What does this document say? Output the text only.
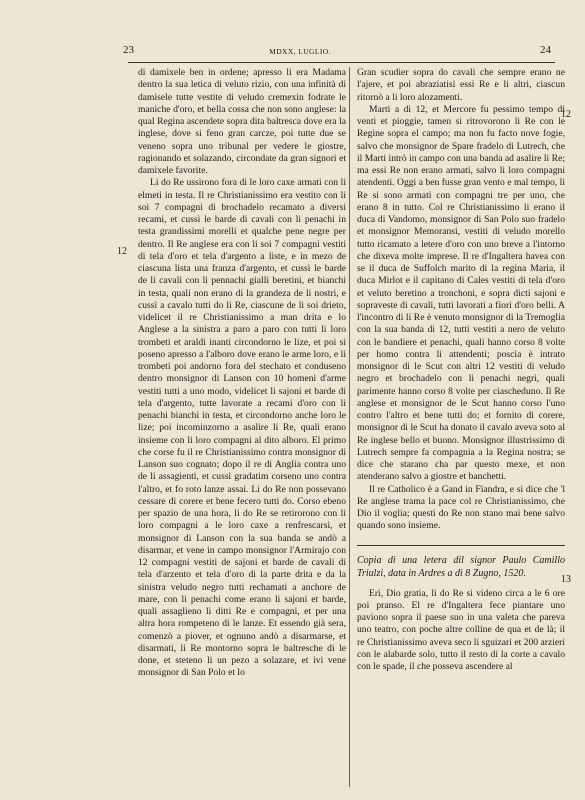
23	MDXX, LUGLIO.	24
12
12
13

di damixele ben in ordene; apresso li era Madama dentro la sua letica di veluto rizio, con una infinità di damisele tutte vestite di veludo cremexin fodrate le maniche d'oro, et bella cossa che non sono anglese: la qual Regina ascendete sopra dita baltresca dove era la inglese, dove si feno gran carcze, poi tutte due se veneno sopra uno tribunal per vedere le giostre, ragionando et solazando, circondate da gran signori et damixele favorite.

Li do Re ussirono fora di le loro caxe armati con li elmeti in testa. Il re Christianissimo era vestito con li soi 7 compagni di brochadelo recamato a diversi recami, et cussì le barde di cavali con li penachi in testa grandissimi morelli et qualche pene negre per dentro. Il Re anglese era con li soi 7 compagni vestiti di tela d'oro et tela d'argento a liste, e in mezo de ciascuna lista una franza d'argento, et cussì le barde de li cavali con li pennachi gialli beretini, et bianchi in testa, quali non erano di la grandeza de li nostri, e cussì a cavalo tutti do li Re, ciascune de li soi drieto, videlicet il re Christianissimo a man drita e lo Anglese a la sinistra a paro a paro con tutti li loro trombeti et araldi inanti circondorno le lize, et poi si poseno apresso a l'alboro dove erano le arme loro, e li trombeti poi andorno fora del stechato et conduseno dentro monsignor di Lanson con 10 homeni d'arme vestiti tutti a uno modo, videlicet li sajoni et barde di tela d'argento, tutte lavorate a recami d'oro con li penachi bianchi in testa, et circondorno anche loro le lize; poi incominzorno a asalire li Re, quali erano insieme con li loro compagni al dito alboro. El primo che corse fu il re Christianissimo contra monsignor di Lanson suo cognato; dopo il re di Anglia contra uno de li assagienti, et cussì gradatim corseno uno contra l'altro, et fo roto lanze assai. Li do Re non possevano cessare di corere et bene fecero tutti do. Corso ebeno per spazio de una hora, li do Re se retirorono con li loro compagni a le loro caxe a renfrescarsi, et monsignor di Lanson con la sua banda se andò a disarmar, et vene in campo monsignor l'Armirajo con 12 compagni vestiti de sajoni et barde de cavali di tela d'arzento et tela d'oro di la parte drita e da la sinistra veludo negro tutti rechamati a anchore de mare, con li penachi come erano li sajoni et barde, quali assaglieno li ditti Re e compagni, et per una altra hora rompeteno di le lanze. Et essendo già sera, comenzò a piover, et ognuno andò a disarmarse, et disarmati, li Re montorno sopra le baltresche di le done, et steteno li un pezo a solazare, et ivi vene monsignor di San Polo et lo

Gran scudier sopra do cavali che sempre erano ne l'ajere, et poi abraziatisi essi Re e li altri, ciascun ritornò a li loro alozamenti.

Marti a dì 12, et Mercore fu pessimo tempo di venti et pioggie, tamen si ritrovorono li Re con le Regine sopra el campo; ma non fu facto nove fogie, salvo che monsignor de Spare fradelo di Lutrech, che il Marti intrò in campo con una banda ad asalire li Re; ma essi Re non erano armati, salvo li loro compagni atendenti. Oggi a ben fusse gran vento e mal tempo, li Re si sono armati con compagni tre per uno, che erano 8 in tutto. Col re Christianissimo li erano il duca di Vandomo, monsignor di San Polo suo fradelo et monsignor Memoransi, vestiti di veludo morello tutto ricamato a letere d'oro con uno breve a l'intorno che dixeva molte imprese. Il re d'Ingaltera havea con se il duca de Suffolch marito di la regina Maria, il duca Mirlot e il capitano di Cales vestiti di tela d'oro et veluto beretino a tronchoni, e sopra dicti sajoni e sopraveste di cavali, tutti lavorati a fiori d'oro belli. A l'incontro di li Re è venuto monsignor di la Tremoglia con la sua banda di 12, tutti vestiti a nero de veluto con le bandiere et penachi, quali hanno corso 8 volte per homo contra li attendenti; poscia è intrato monsignor di le Scut con altri 12 vestiti di veludo negro et brochadelo con li penachi negri, quali parimente hanno corso 8 volte per ciascheduno. Il Re anglese et monsignor de le Scut hanno corso l'uno contro l'altro et bene tutti do; et fornito di corere, monsignor di le Scut ha donato il cavalo aveva soto al Re inglese bello et buono. Monsignor illustrissimo di Lutrech sempre fa compagnia a la Regina nostra; se dice che starano cha par questo mexe, et non atenderano salvo a giostre et banchetti.

Il re Catholico è a Gand in Fiandra, e si dice che 'l Re anglese trama la pace col re Christianissimo, che Dio il voglia; questi do Re non stano mai bene salvo quando sono insieme.

Copia di una letera dil signor Paulo Camillo Triulzi, data in Ardres a dì 8 Zugno, 1520.

Eri, Dio gratia, li do Re si videno circa a le 6 ore poi pranso. El re d'Ingaltera fece piantare uno paviono sopra il paese suo in una valeta che pareva uno teatro, con poche altre colline de qua et de là; il re Christianissimo aveva seco li sguizari et 200 arzieri con le alabarde solo, tutto il resto di la corte a cavalo con le spade, il che posseva ascendere al
